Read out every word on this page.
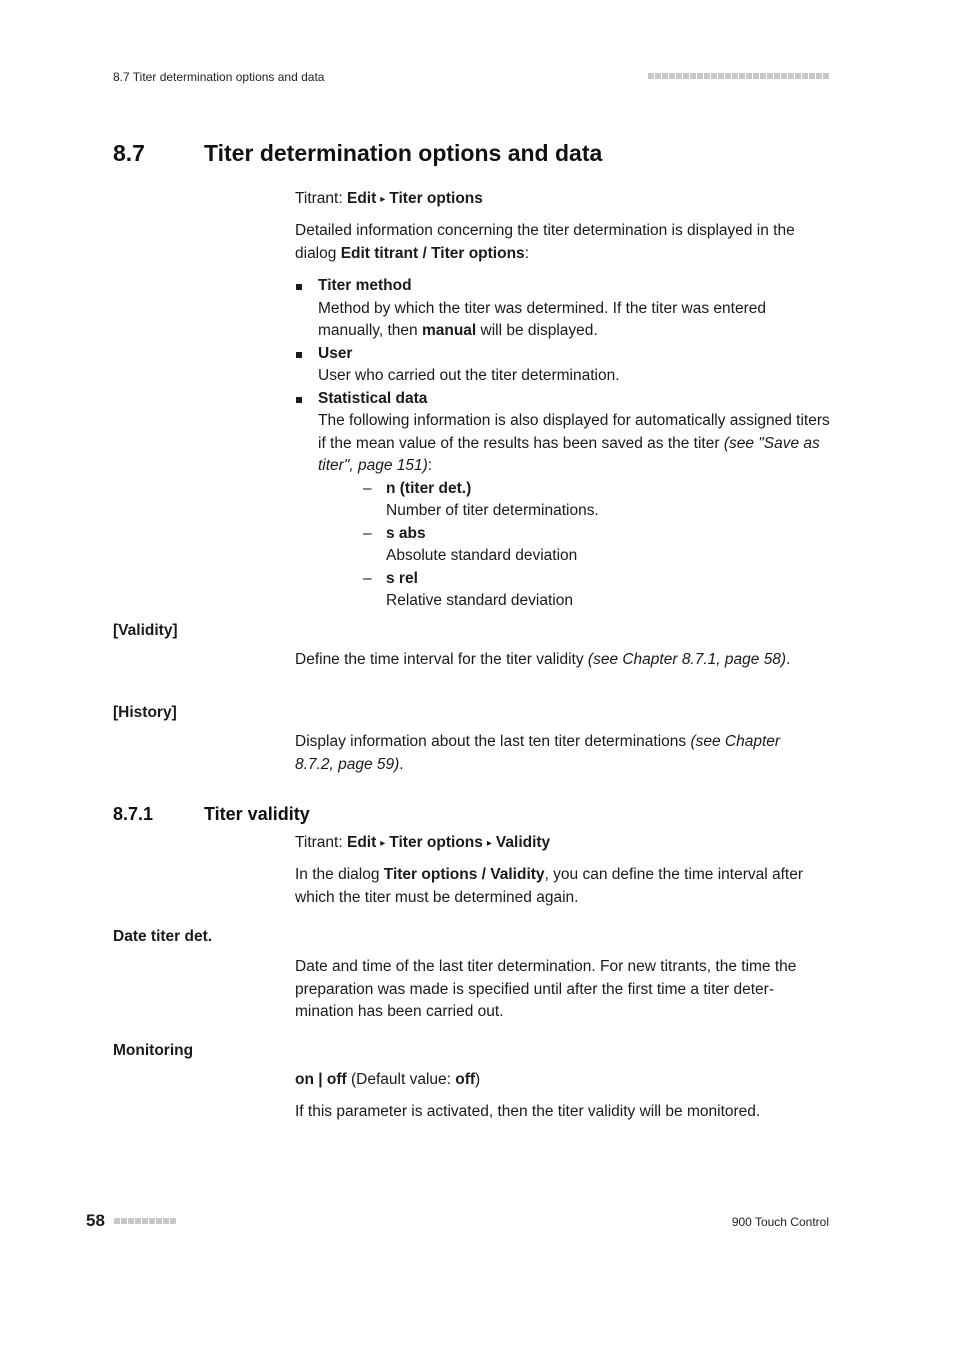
8.7 Titer determination options and data
8.7	Titer determination options and data

Titrant: Edit ▸ Titer options

Detailed information concerning the titer determination is displayed in the dialog Edit titrant / Titer options:

Titer method
Method by which the titer was determined. If the titer was entered manually, then manual will be displayed.
User
User who carried out the titer determination.
Statistical data
The following information is also displayed for automatically assigned titers if the mean value of the results has been saved as the titer (see "Save as titer", page 151):
– n (titer det.)
Number of titer determinations.
– s abs
Absolute standard deviation
– s rel
Relative standard deviation
[Validity]

Define the time interval for the titer validity (see Chapter 8.7.1, page 58).

[History]

Display information about the last ten titer determinations (see Chapter 8.7.2, page 59).

8.7.1	Titer validity

Titrant: Edit ▸ Titer options ▸ Validity

In the dialog Titer options / Validity, you can define the time interval after which the titer must be determined again.

Date titer det.

Date and time of the last titer determination. For new titrants, the time the preparation was made is specified until after the first time a titer deter-mination has been carried out.

Monitoring

on | off (Default value: off)

If this parameter is activated, then the titer validity will be monitored.

58	900 Touch Control
